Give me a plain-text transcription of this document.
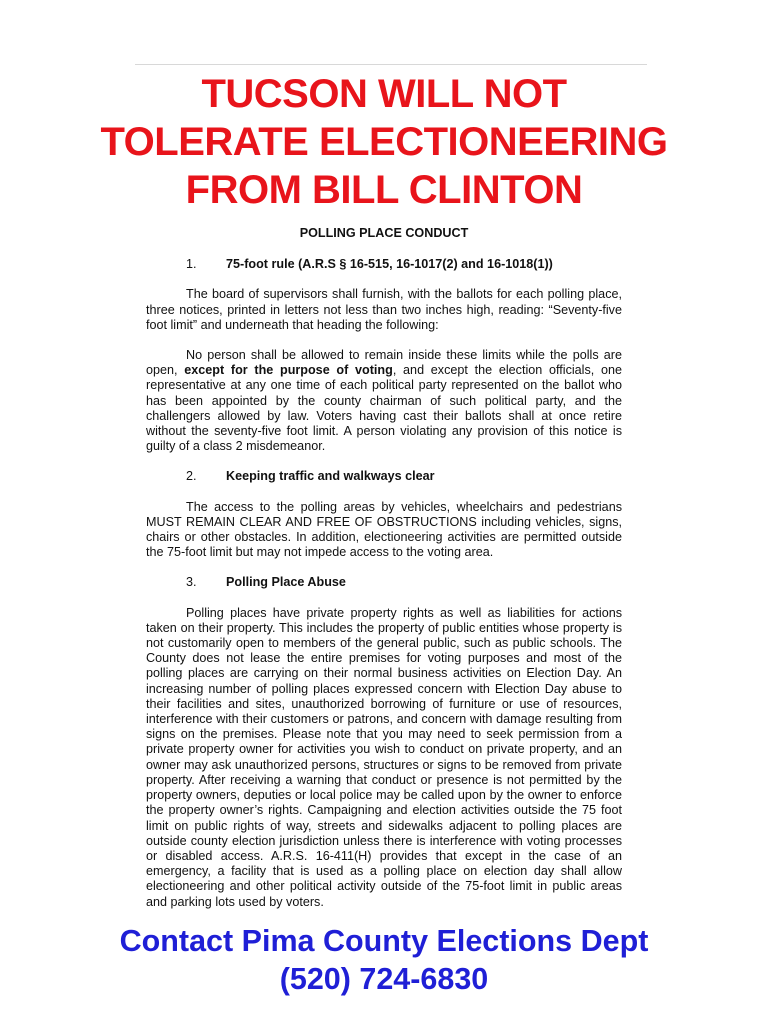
TUCSON WILL NOT
TOLERATE ELECTIONEERING
FROM BILL CLINTON
POLLING PLACE CONDUCT
1.	75-foot rule (A.R.S § 16-515, 16-1017(2) and 16-1018(1))

The board of supervisors shall furnish, with the ballots for each polling place, three notices, printed in letters not less than two inches high, reading: “Seventy-five foot limit” and underneath that heading the following:

No person shall be allowed to remain inside these limits while the polls are open, except for the purpose of voting, and except the election officials, one representative at any one time of each political party represented on the ballot who has been appointed by the county chairman of such political party, and the challengers allowed by law. Voters having cast their ballots shall at once retire without the seventy-five foot limit. A person violating any provision of this notice is guilty of a class 2 misdemeanor.

2.	Keeping traffic and walkways clear

The access to the polling areas by vehicles, wheelchairs and pedestrians MUST REMAIN CLEAR AND FREE OF OBSTRUCTIONS including vehicles, signs, chairs or other obstacles. In addition, electioneering activities are permitted outside the 75-foot limit but may not impede access to the voting area.

3.	Polling Place Abuse

Polling places have private property rights as well as liabilities for actions taken on their property. This includes the property of public entities whose property is not customarily open to members of the general public, such as public schools. The County does not lease the entire premises for voting purposes and most of the polling places are carrying on their normal business activities on Election Day. An increasing number of polling places expressed concern with Election Day abuse to their facilities and sites, unauthorized borrowing of furniture or use of resources, interference with their customers or patrons, and concern with damage resulting from signs on the premises. Please note that you may need to seek permission from a private property owner for activities you wish to conduct on private property, and an owner may ask unauthorized persons, structures or signs to be removed from private property. After receiving a warning that conduct or presence is not permitted by the property owners, deputies or local police may be called upon by the owner to enforce the property owner’s rights. Campaigning and election activities outside the 75 foot limit on public rights of way, streets and sidewalks adjacent to polling places are outside county election jurisdiction unless there is interference with voting processes or disabled access. A.R.S. 16-411(H) provides that except in the case of an emergency, a facility that is used as a polling place on election day shall allow electioneering and other political activity outside of the 75-foot limit in public areas and parking lots used by voters.

Contact Pima County Elections Dept
(520) 724-6830
